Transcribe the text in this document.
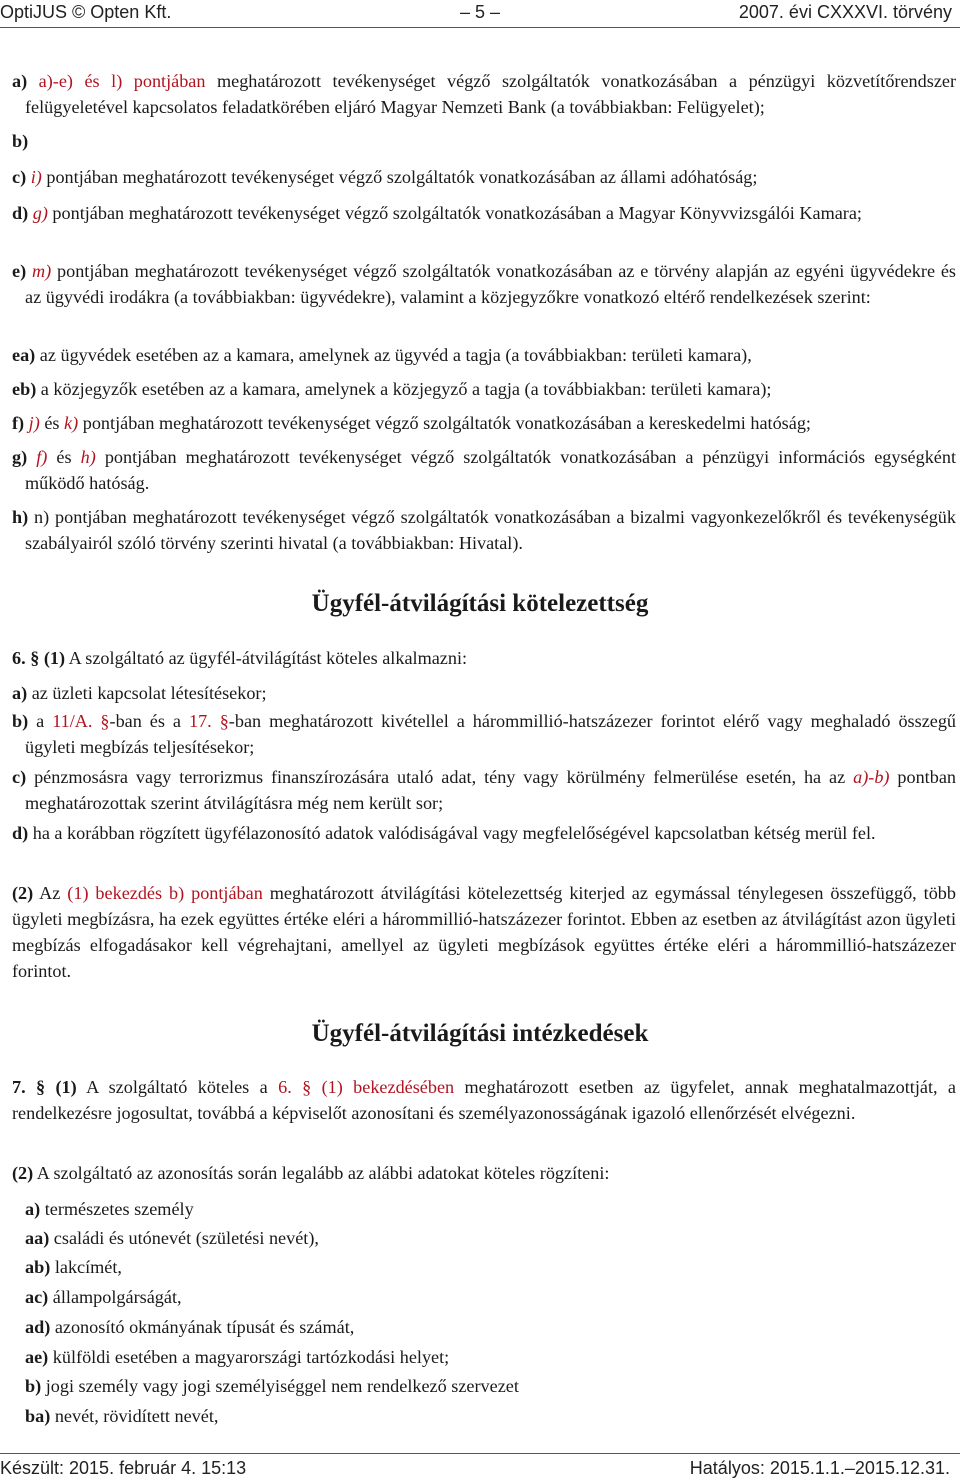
OptiJUS © Opten Kft.	– 5 –	2007. évi CXXXVI. törvény

a) a)-e) és l) pontjában meghatározott tevékenységet végző szolgáltatók vonatkozásában a pénzügyi közvetítőrendszer felügyeletével kapcsolatos feladatkörében eljáró Magyar Nemzeti Bank (a továbbiakban: Felügyelet);

b)

c) i) pontjában meghatározott tevékenységet végző szolgáltatók vonatkozásában az állami adóhatóság;

d) g) pontjában meghatározott tevékenységet végző szolgáltatók vonatkozásában a Magyar Könyvvizsgálói Kamara;

e) m) pontjában meghatározott tevékenységet végző szolgáltatók vonatkozásában az e törvény alapján az egyéni ügyvédekre és az ügyvédi irodákra (a továbbiakban: ügyvédekre), valamint a közjegyzőkre vonatkozó eltérő rendelkezések szerint:

ea) az ügyvédek esetében az a kamara, amelynek az ügyvéd a tagja (a továbbiakban: területi kamara),

eb) a közjegyzők esetében az a kamara, amelynek a közjegyző a tagja (a továbbiakban: területi kamara);

f) j) és k) pontjában meghatározott tevékenységet végző szolgáltatók vonatkozásában a kereskedelmi hatóság;

g) f) és h) pontjában meghatározott tevékenységet végző szolgáltatók vonatkozásában a pénzügyi információs egységként működő hatóság.

h) n) pontjában meghatározott tevékenységet végző szolgáltatók vonatkozásában a bizalmi vagyonkezelőkről és tevékenységük szabályairól szóló törvény szerinti hivatal (a továbbiakban: Hivatal).

Ügyfél-átvilágítási kötelezettség

6. § (1) A szolgáltató az ügyfél-átvilágítást köteles alkalmazni:

a) az üzleti kapcsolat létesítésekor;

b) a 11/A. §-ban és a 17. §-ban meghatározott kivétellel a hárommillió-hatszázezer forintot elérő vagy meghaladó összegű ügyleti megbízás teljesítésekor;

c) pénzmosásra vagy terrorizmus finanszírozására utaló adat, tény vagy körülmény felmerülése esetén, ha az a)-b) pontban meghatározottak szerint átvilágításra még nem került sor;

d) ha a korábban rögzített ügyfélazonosító adatok valódiságával vagy megfelelőségével kapcsolatban kétség merül fel.

(2) Az (1) bekezdés b) pontjában meghatározott átvilágítási kötelezettség kiterjed az egymással ténylegesen összefüggő, több ügyleti megbízásra, ha ezek együttes értéke eléri a hárommillió-hatszázezer forintot. Ebben az esetben az átvilágítást azon ügyleti megbízás elfogadásakor kell végrehajtani, amellyel az ügyleti megbízások együttes értéke eléri a hárommillió-hatszázezer forintot.

Ügyfél-átvilágítási intézkedések

7. § (1) A szolgáltató köteles a 6. § (1) bekezdésében meghatározott esetben az ügyfelet, annak meghatalmazottját, a rendelkezésre jogosultat, továbbá a képviselőt azonosítani és személyazonosságának igazoló ellenőrzését elvégezni.

(2) A szolgáltató az azonosítás során legalább az alábbi adatokat köteles rögzíteni:

a) természetes személy

aa) családi és utónevét (születési nevét),

ab) lakcímét,

ac) állampolgárságát,

ad) azonosító okmányának típusát és számát,

ae) külföldi esetében a magyarországi tartózkodási helyet;

b) jogi személy vagy jogi személyiséggel nem rendelkező szervezet

ba) nevét, rövidített nevét,

Készült: 2015. február 4. 15:13	Hatályos: 2015.1.1.–2015.12.31.
